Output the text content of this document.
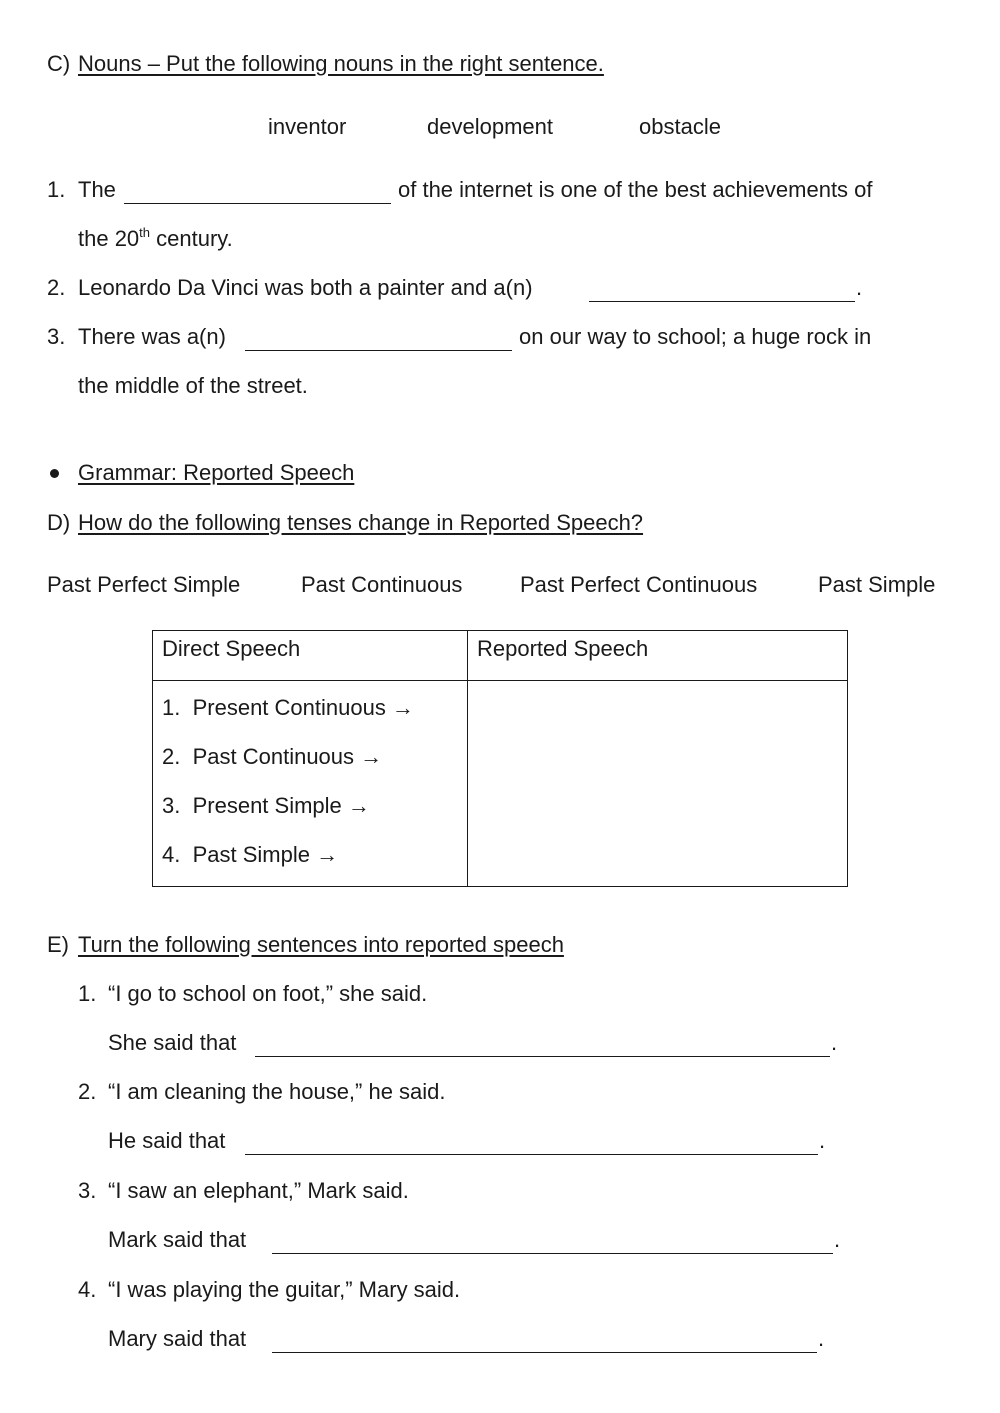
C) Nouns – Put the following nouns in the right sentence.
inventor	development	obstacle
1. The	of the internet is one of the best achievements of
the 20th century.
2. Leonardo Da Vinci was both a painter and a(n)	.
3. There was a(n)	on our way to school; a huge rock in
the middle of the street.
Grammar: Reported Speech
D) How do the following tenses change in Reported Speech?
Past Perfect Simple	Past Continuous	Past Perfect Continuous	Past Simple
Direct Speech	Reported Speech

1. Present Continuous →
2. Past Continuous →
3. Present Simple →
4. Past Simple →	

E) Turn the following sentences into reported speech
1. “I go to school on foot,” she said.
She said that	.
2. “I am cleaning the house,” he said.
He said that	.
3. “I saw an elephant,” Mark said.
Mark said that	.
4. “I was playing the guitar,” Mary said.
Mary said that	.
